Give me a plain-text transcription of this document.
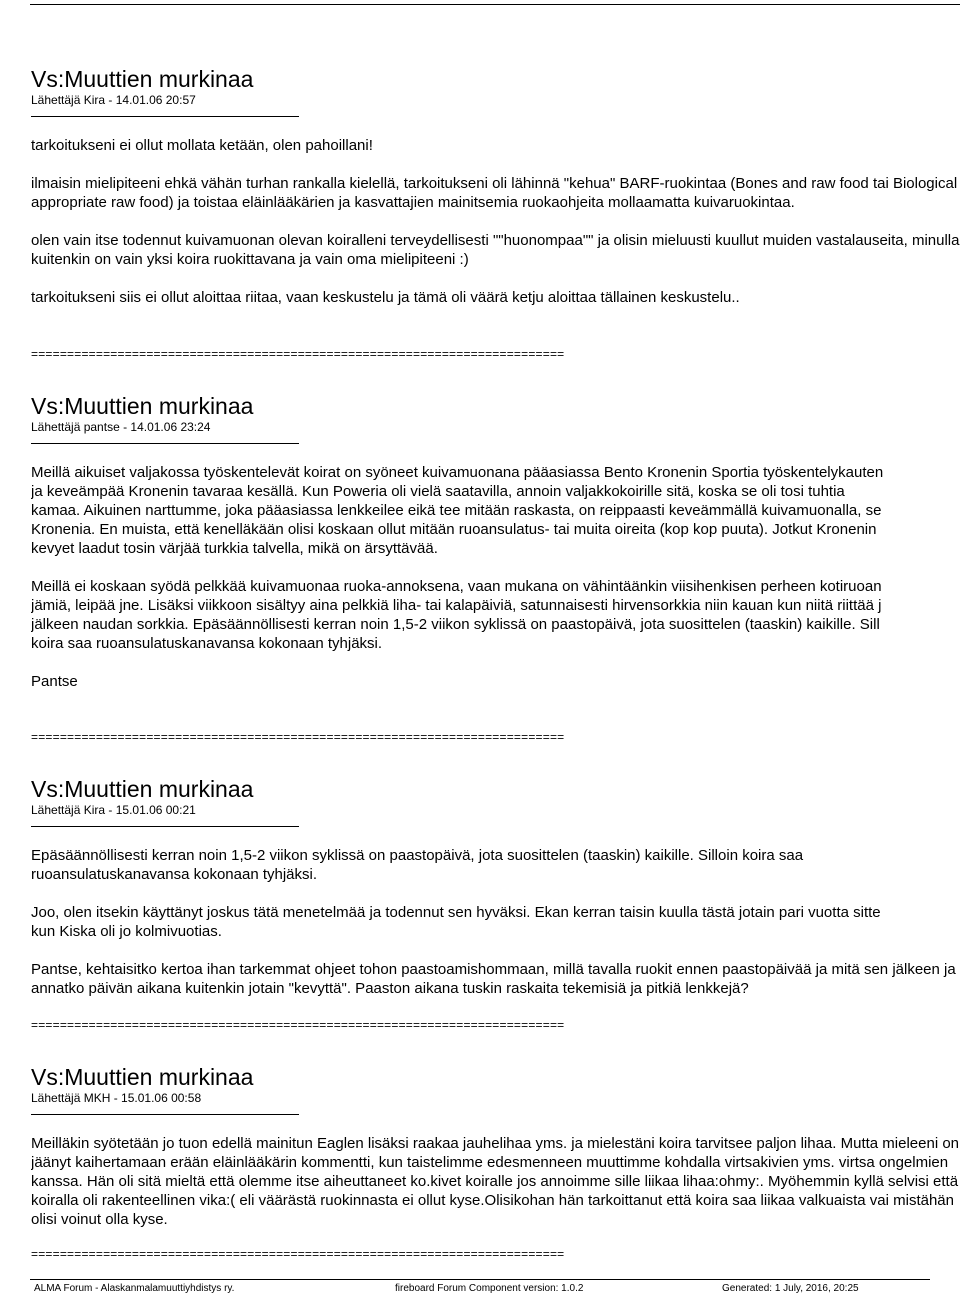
Vs:Muuttien murkinaa
Lähettäjä Kira - 14.01.06 20:57

tarkoitukseni ei ollut mollata ketään, olen pahoillani!

ilmaisin mielipiteeni ehkä vähän turhan rankalla kielellä, tarkoitukseni oli lähinnä "kehua" BARF-ruokintaa (Bones and raw food tai Biological appropriate raw food) ja toistaa eläinlääkärien ja kasvattajien mainitsemia ruokaohjeita mollaamatta kuivaruokintaa.

olen vain itse todennut kuivamuonan olevan koiralleni terveydellisesti ""huonompaa"" ja olisin mieluusti kuullut muiden vastalauseita, minulla kuitenkin on vain yksi koira ruokittavana ja vain oma mielipiteeni :)

tarkoitukseni siis ei ollut aloittaa riitaa, vaan keskustelu ja tämä oli väärä ketju aloittaa tällainen keskustelu..

==========================================================================
Vs:Muuttien murkinaa
Lähettäjä pantse - 14.01.06 23:24

Meillä aikuiset valjakossa työskentelevät koirat on syöneet kuivamuonana pääasiassa Bento Kronenin Sportia työskentelykauten
ja keveämpää Kronenin tavaraa kesällä. Kun Poweria oli vielä saatavilla, annoin valjakkokoirille sitä, koska se oli tosi tuhtia
kamaa. Aikuinen narttumme, joka pääasiassa lenkkeilee eikä tee mitään raskasta, on reippaasti keveämmällä kuivamuonalla, se
Kronenia. En muista, että kenelläkään olisi koskaan ollut mitään ruoansulatus- tai muita oireita (kop kop puuta). Jotkut Kronenin
kevyet laadut tosin värjää turkkia talvella, mikä on ärsyttävää.

Meillä ei koskaan syödä pelkkää kuivamuonaa ruoka-annoksena, vaan mukana on vähintäänkin viisihenkisen perheen kotiruoan
jämiä, leipää jne. Lisäksi viikkoon sisältyy aina pelkkiä liha- tai kalapäiviä, satunnaisesti hirvensorkkia niin kauan kun niitä riittää j
jälkeen naudan sorkkia. Epäsäännöllisesti kerran noin 1,5-2 viikon syklissä on paastopäivä, jota suosittelen (taaskin) kaikille. Sill
koira saa ruoansulatuskanavansa kokonaan tyhjäksi.

Pantse

==========================================================================
Vs:Muuttien murkinaa
Lähettäjä Kira - 15.01.06 00:21

Epäsäännöllisesti kerran noin 1,5-2 viikon syklissä on paastopäivä, jota suosittelen (taaskin) kaikille. Silloin koira saa ruoansulatuskanavansa kokonaan tyhjäksi.

Joo, olen itsekin käyttänyt joskus tätä menetelmää ja todennut sen hyväksi. Ekan kerran taisin kuulla tästä jotain pari vuotta sitte
kun Kiska oli jo kolmivuotias.

Pantse, kehtaisitko kertoa ihan tarkemmat ohjeet tohon paastoamishommaan, millä tavalla ruokit ennen paastopäivää ja mitä sen jälkeen ja annatko päivän aikana kuitenkin jotain "kevyttä". Paaston aikana tuskin raskaita tekemisiä ja pitkiä lenkkejä?

==========================================================================
Vs:Muuttien murkinaa
Lähettäjä MKH - 15.01.06 00:58

Meilläkin syötetään jo tuon edellä mainitun Eaglen lisäksi raakaa jauhelihaa yms. ja mielestäni koira tarvitsee paljon lihaa. Mutta mieleeni on jäänyt kaihertamaan erään eläinlääkärin kommentti, kun taistelimme edesmenneen muuttimme kohdalla virtsakivien yms. virtsa ongelmien kanssa. Hän oli sitä mieltä että olemme itse aiheuttaneet ko.kivet koiralle jos annoimme sille liikaa lihaa:ohmy:. Myöhemmin kyllä selvisi että koiralla oli rakenteellinen vika:( eli väärästä ruokinnasta ei ollut kyse.Olisikohan hän tarkoittanut että koira saa liikaa valkuaista vai mistähän olisi voinut olla kyse.

==========================================================================
ALMA Forum - Alaskanmalamuuttiyhdistys ry.	fireboard Forum Component version: 1.0.2	Generated: 1 July, 2016, 20:25
